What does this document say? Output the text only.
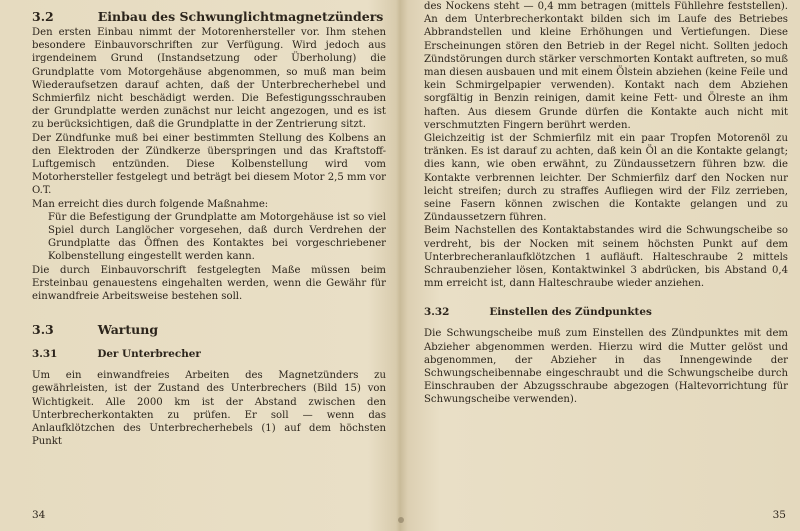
3.2	Einbau des Schwunglichtmagnetzünders

Den ersten Einbau nimmt der Motorenhersteller vor. Ihm stehen besondere Einbauvorschriften zur Verfügung. Wird jedoch aus irgendeinem Grund (Instandsetzung oder Überholung) die Grundplatte vom Motorgehäuse abgenommen, so muß man beim Wiederaufsetzen darauf achten, daß der Unterbrecherhebel und Schmierfilz nicht beschädigt werden. Die Befestigungsschrauben der Grundplatte werden zunächst nur leicht angezogen, und es ist zu berücksichtigen, daß die Grundplatte in der Zentrierung sitzt.

Der Zündfunke muß bei einer bestimmten Stellung des Kolbens an den Elektroden der Zündkerze überspringen und das Kraftstoff-Luftgemisch entzünden. Diese Kolbenstellung wird vom Motorhersteller festgelegt und beträgt bei diesem Motor 2,5 mm vor O.T.

Man erreicht dies durch folgende Maßnahme:

Für die Befestigung der Grundplatte am Motorgehäuse ist so viel Spiel durch Langlöcher vorgesehen, daß durch Verdrehen der Grundplatte das Öffnen des Kontaktes bei vorgeschriebener Kolbenstellung eingestellt werden kann.

Die durch Einbauvorschrift festgelegten Maße müssen beim Ersteinbau genauestens eingehalten werden, wenn die Gewähr für einwandfreie Arbeitsweise bestehen soll.

3.3	Wartung
3.31	Der Unterbrecher

Um ein einwandfreies Arbeiten des Magnetzünders zu gewährleisten, ist der Zustand des Unterbrechers (Bild 15) von Wichtigkeit. Alle 2000 km ist der Abstand zwischen den Unterbrecherkontakten zu prüfen. Er soll — wenn das Anlaufklötzchen des Unterbrecherhebels (1) auf dem höchsten Punkt

34

des Nockens steht — 0,4 mm betragen (mittels Fühllehre feststellen). An dem Unterbrecherkontakt bilden sich im Laufe des Betriebes Abbrandstellen und kleine Erhöhungen und Vertiefungen. Diese Erscheinungen stören den Betrieb in der Regel nicht. Sollten jedoch Zündstörungen durch stärker verschmorten Kontakt auftreten, so muß man diesen ausbauen und mit einem Ölstein abziehen (keine Feile und kein Schmirgelpapier verwenden). Kontakt nach dem Abziehen sorgfältig in Benzin reinigen, damit keine Fett- und Ölreste an ihm haften. Aus diesem Grunde dürfen die Kontakte auch nicht mit verschmutzten Fingern berührt werden.

Gleichzeitig ist der Schmierfilz mit ein paar Tropfen Motorenöl zu tränken. Es ist darauf zu achten, daß kein Öl an die Kontakte gelangt; dies kann, wie oben erwähnt, zu Zündaussetzern führen bzw. die Kontakte verbrennen leichter. Der Schmierfilz darf den Nocken nur leicht streifen; durch zu straffes Aufliegen wird der Filz zerrieben, seine Fasern können zwischen die Kontakte gelangen und zu Zündaussetzern führen.

Beim Nachstellen des Kontaktabstandes wird die Schwungscheibe so verdreht, bis der Nocken mit seinem höchsten Punkt auf dem Unterbrecheranlaufklötzchen 1 aufläuft. Halteschraube 2 mittels Schraubenzieher lösen, Kontaktwinkel 3 abdrücken, bis Abstand 0,4 mm erreicht ist, dann Halteschraube wieder anziehen.

3.32	Einstellen des Zündpunktes

Die Schwungscheibe muß zum Einstellen des Zündpunktes mit dem Abzieher abgenommen werden. Hierzu wird die Mutter gelöst und abgenommen, der Abzieher in das Innengewinde der Schwungscheibennabe eingeschraubt und die Schwungscheibe durch Einschrauben der Abzugsschraube abgezogen (Haltevorrichtung für Schwungscheibe verwenden).

35
